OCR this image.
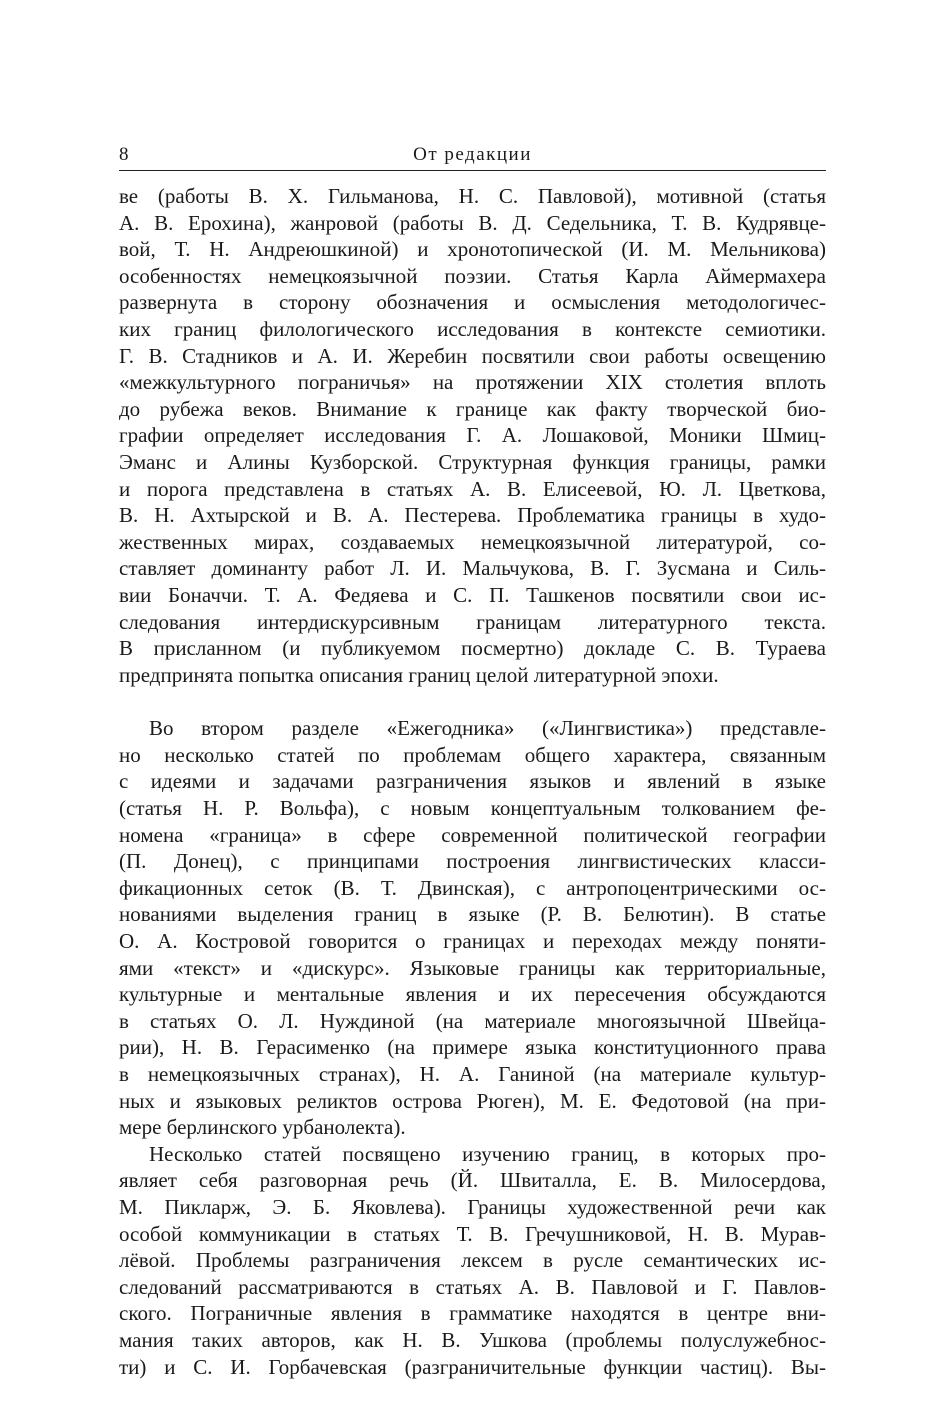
8	От редакции
ве (работы В. Х. Гильманова, Н. С. Павловой), мотивной (статья
А. В. Ерохина), жанровой (работы В. Д. Седельника, Т. В. Кудрявце-
вой, Т. Н. Андреюшкиной) и хронотопической (И. М. Мельникова)
особенностях немецкоязычной поэзии. Статья Карла Аймермахера
развернута в сторону обозначения и осмысления методологичес-
ких границ филологического исследования в контексте семиотики.
Г. В. Стадников и А. И. Жеребин посвятили свои работы освещению
«межкультурного пограничья» на протяжении XIX столетия вплоть
до рубежа веков. Внимание к границе как факту творческой био-
графии определяет исследования Г. А. Лошаковой, Моники Шмиц-
Эманс и Алины Кузборской. Структурная функция границы, рамки
и порога представлена в статьях А. В. Елисеевой, Ю. Л. Цветкова,
В. Н. Ахтырской и В. А. Пестерева. Проблематика границы в худо-
жественных мирах, создаваемых немецкоязычной литературой, со-
ставляет доминанту работ Л. И. Мальчукова, В. Г. Зусмана и Силь-
вии Боначчи. Т. А. Федяева и С. П. Ташкенов посвятили свои ис-
следования интердискурсивным границам литературного текста.
В присланном (и публикуемом посмертно) докладе С. В. Тураева
предпринята попытка описания границ целой литературной эпохи.
Во втором разделе «Ежегодника» («Лингвистика») представле-
но несколько статей по проблемам общего характера, связанным
с идеями и задачами разграничения языков и явлений в языке
(статья Н. Р. Вольфа), с новым концептуальным толкованием фе-
номена «граница» в сфере современной политической географии
(П. Донец), с принципами построения лингвистических класси-
фикационных сеток (В. Т. Двинская), с антропоцентрическими ос-
нованиями выделения границ в языке (Р. В. Белютин). В статье
О. А. Костровой говорится о границах и переходах между поняти-
ями «текст» и «дискурс». Языковые границы как территориальные,
культурные и ментальные явления и их пересечения обсуждаются
в статьях О. Л. Нуждиной (на материале многоязычной Швейца-
рии), Н. В. Герасименко (на примере языка конституционного права
в немецкоязычных странах), Н. А. Ганиной (на материале культур-
ных и языковых реликтов острова Рюген), М. Е. Федотовой (на при-
мере берлинского урбанолекта).
Несколько статей посвящено изучению границ, в которых про-
являет себя разговорная речь (Й. Швиталла, Е. В. Милосердова,
М. Пикларж, Э. Б. Яковлева). Границы художественной речи как
особой коммуникации в статьях Т. В. Гречушниковой, Н. В. Мурав-
лёвой. Проблемы разграничения лексем в русле семантических ис-
следований рассматриваются в статьях А. В. Павловой и Г. Павлов-
ского. Пограничные явления в грамматике находятся в центре вни-
мания таких авторов, как Н. В. Ушкова (проблемы полуслужебнос-
ти) и С. И. Горбачевская (разграничительные функции частиц). Вы-
